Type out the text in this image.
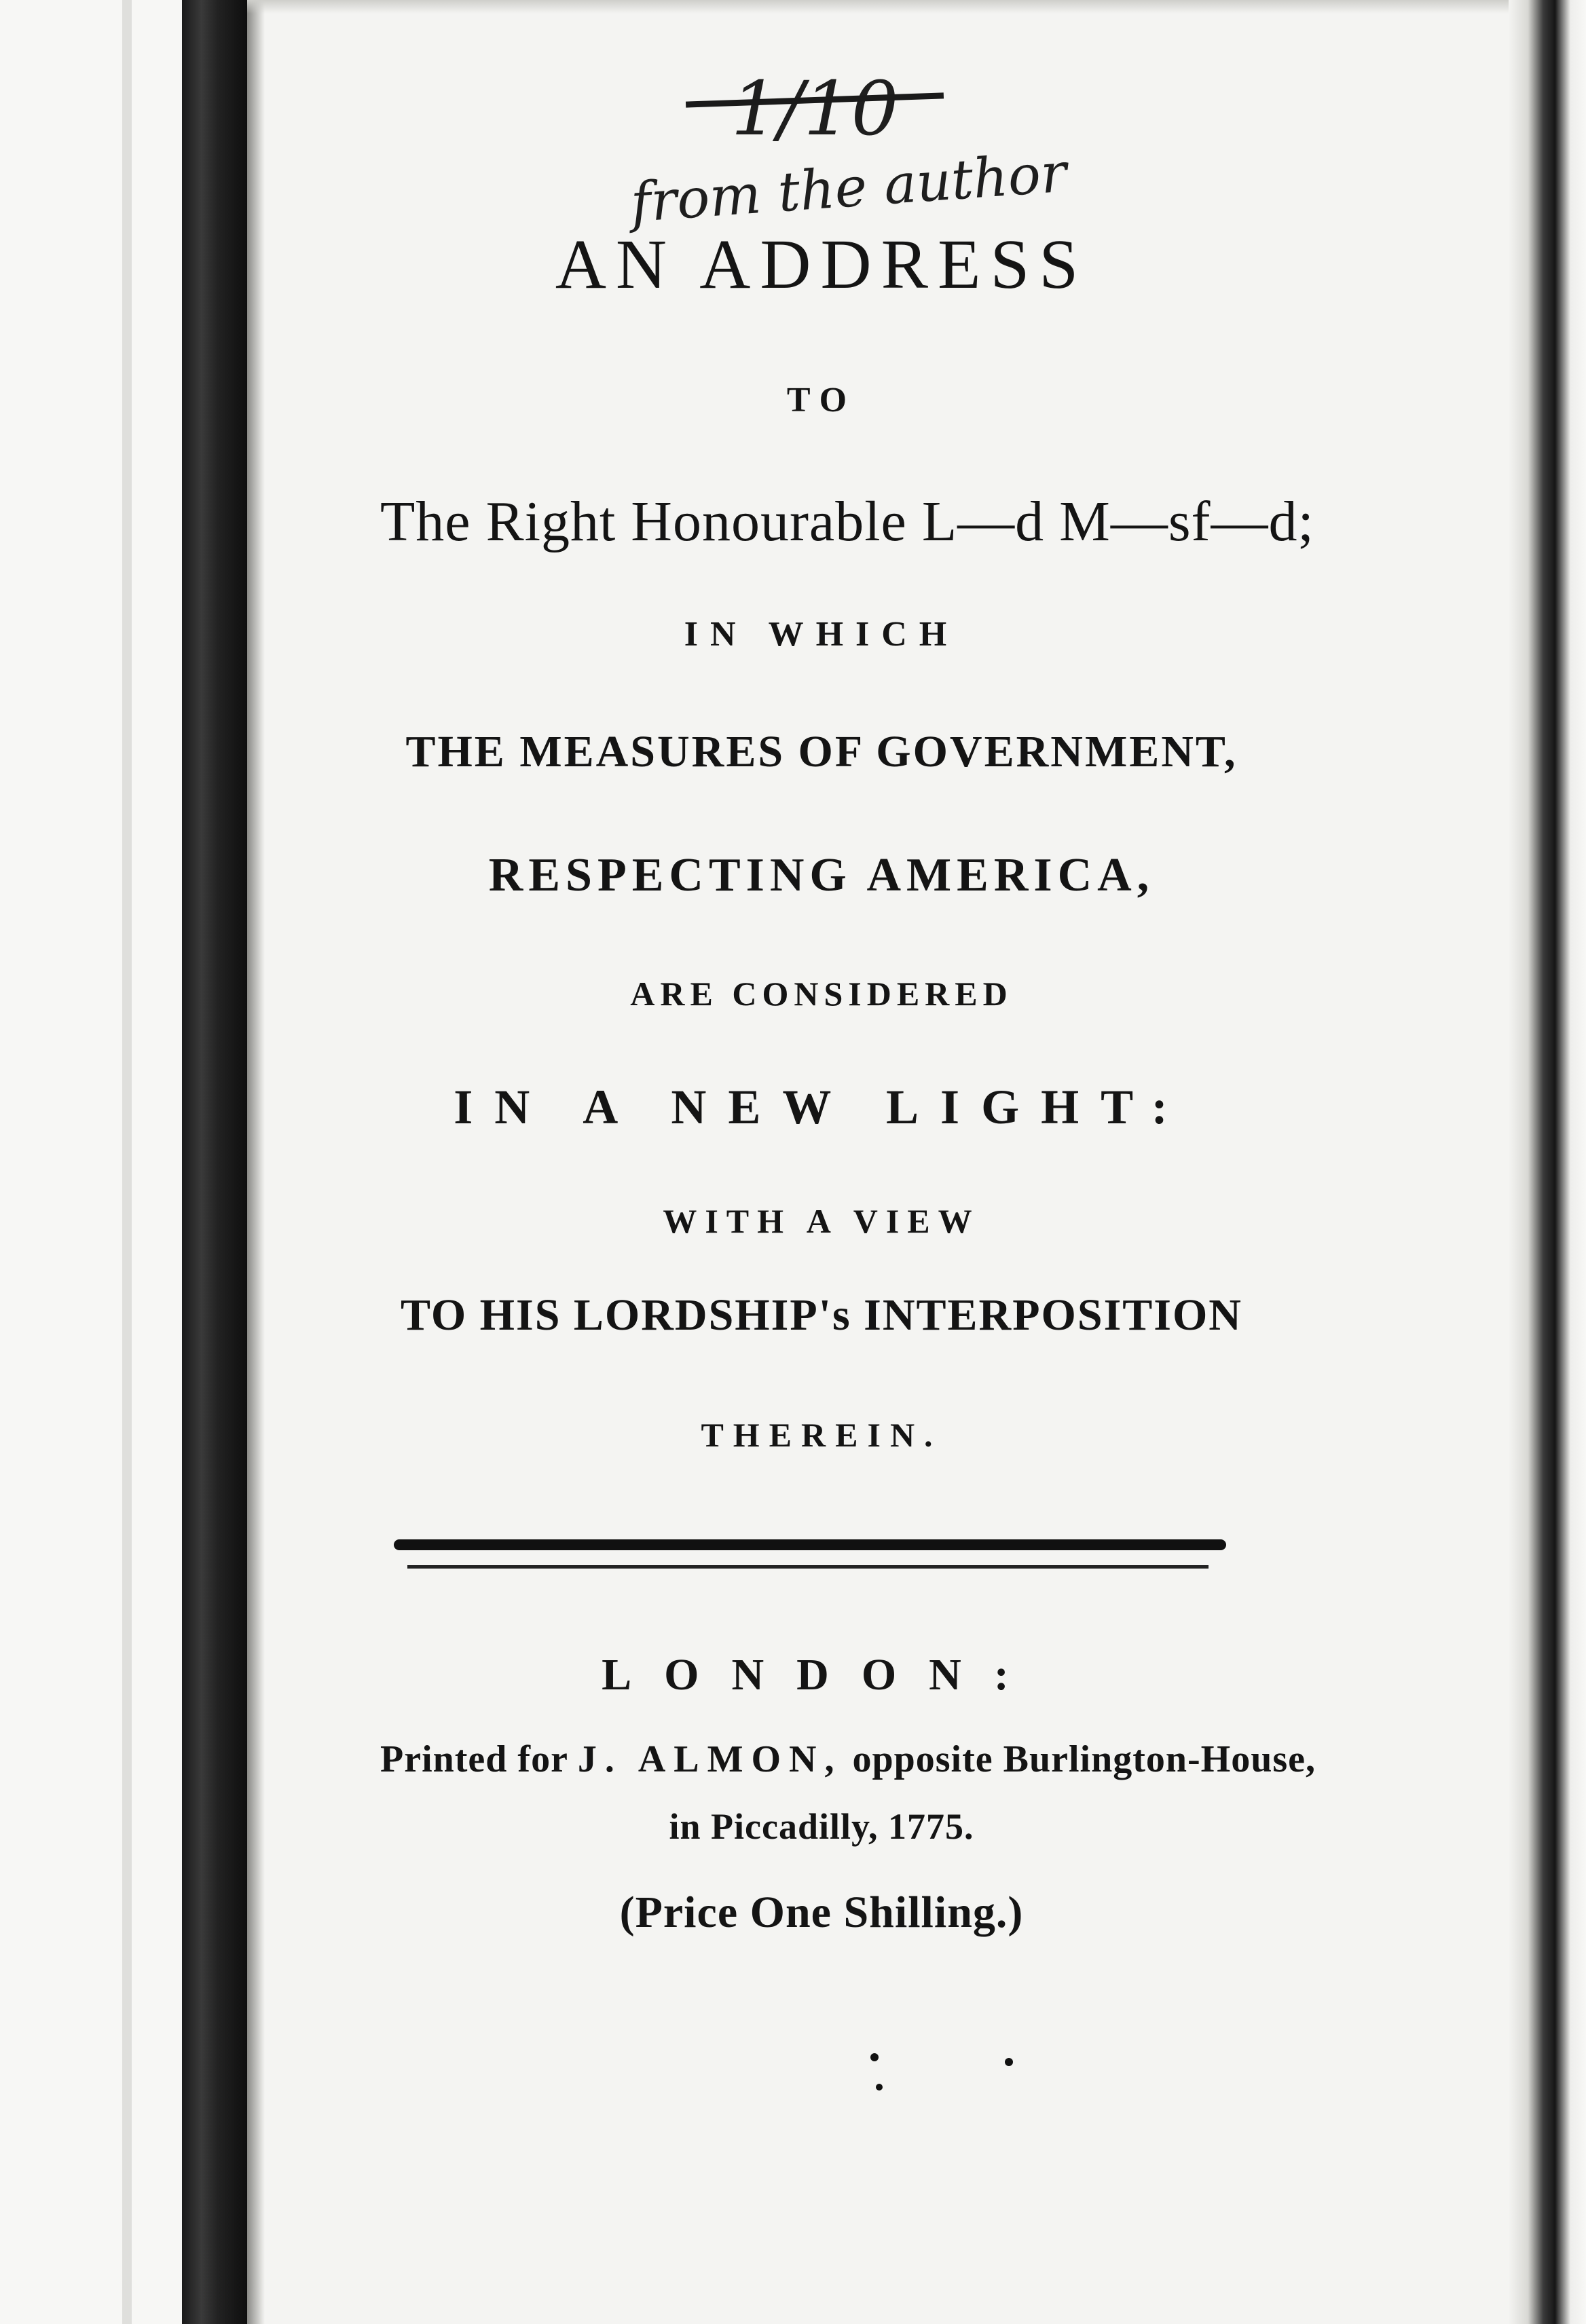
1/10
from the author
AN ADDRESS
TO
The Right Honourable L—d M—sf—d;
IN WHICH
THE MEASURES OF GOVERNMENT,
RESPECTING AMERICA,
ARE CONSIDERED
IN A NEW LIGHT:
WITH A VIEW
TO HIS LORDSHIP's INTERPOSITION
THEREIN.
LONDON:
Printed for J. ALMON, opposite Burlington-House,
in Piccadilly, 1775.
(Price One Shilling.)
